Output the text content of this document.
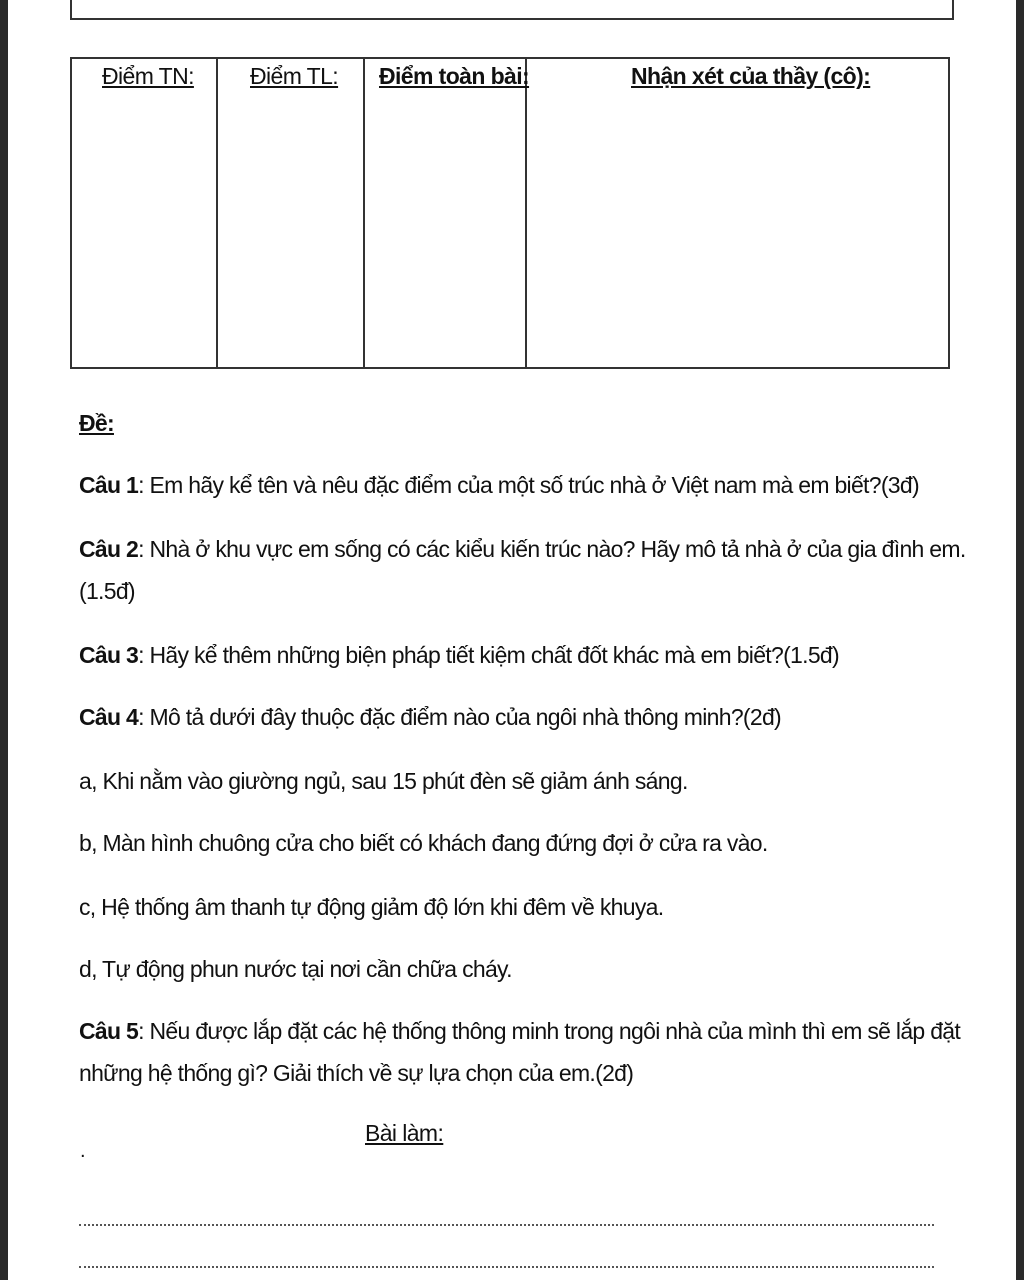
Điểm TN: Điểm TL: Điểm toàn bài:	Nhận xét của thầy (cô):
Đề:
Câu 1: Em hãy kể tên và nêu đặc điểm của một số trúc nhà ở Việt nam mà em biết?(3đ)
Câu 2: Nhà ở khu vực em sống có các kiểu kiến trúc nào? Hãy mô tả nhà ở của gia đình em.
(1.5đ)
Câu 3: Hãy kể thêm những biện pháp tiết kiệm chất đốt khác mà em biết?(1.5đ)
Câu 4: Mô tả dưới đây thuộc đặc điểm nào của ngôi nhà thông minh?(2đ)
a, Khi nằm vào giường ngủ, sau 15 phút đèn sẽ giảm ánh sáng.
b, Màn hình chuông cửa cho biết có khách đang đứng đợi ở cửa ra vào.
c, Hệ thống âm thanh tự động giảm độ lớn khi đêm về khuya.
d, Tự động phun nước tại nơi cần chữa cháy.
Câu 5: Nếu được lắp đặt các hệ thống thông minh trong ngôi nhà của mình thì em sẽ lắp đặt
những hệ thống gì? Giải thích về sự lựa chọn của em.(2đ)
.
Bài làm:
